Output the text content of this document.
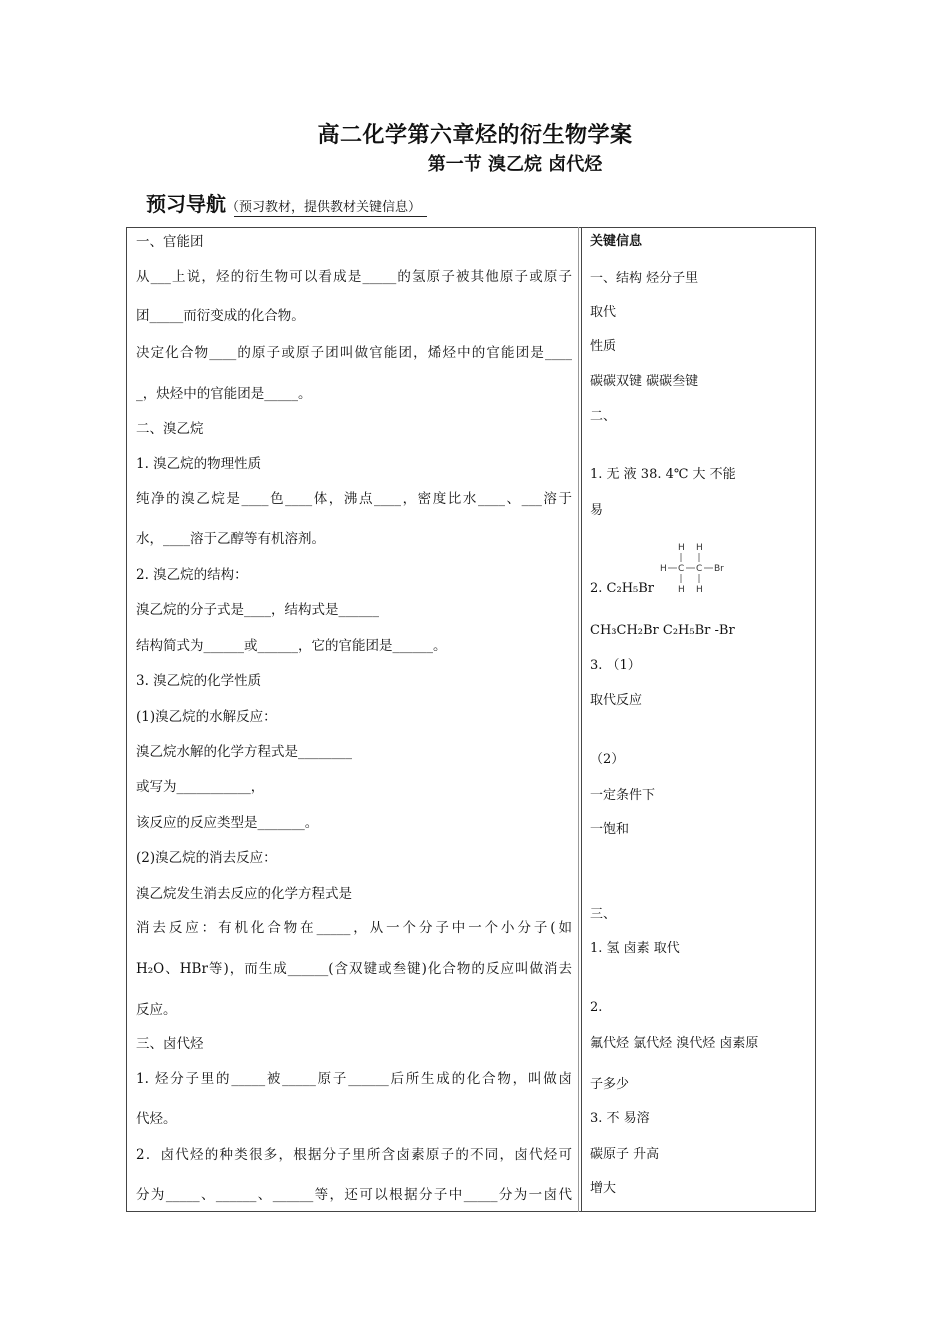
高二化学第六章烃的衍生物学案
第一节 溴乙烷 卤代烃
预习导航（预习教材，提供教材关键信息）
一、官能团
从___上说，烃的衍生物可以看成是_____的氢原子被其他原子或原子
团_____而衍变成的化合物。
决定化合物____的原子或原子团叫做官能团，烯烃中的官能团是____
_，炔烃中的官能团是_____。
二、溴乙烷
1. 溴乙烷的物理性质
纯净的溴乙烷是____色____体，沸点____，密度比水____、___溶于
水，____溶于乙醇等有机溶剂。
2. 溴乙烷的结构：
溴乙烷的分子式是____，结构式是______
结构简式为______或______，它的官能团是______。
3. 溴乙烷的化学性质
(1)溴乙烷的水解反应：
溴乙烷水解的化学方程式是________
或写为___________，
该反应的反应类型是_______。
(2)溴乙烷的消去反应：
溴乙烷发生消去反应的化学方程式是
消去反应：有机化合物在_____，从一个分子中一个小分子(如
H₂O、HBr等)，而生成______(含双键或叁键)化合物的反应叫做消去
反应。
三、卤代烃
1. 烃分子里的_____被_____原子______后所生成的化合物，叫做卤
代烃。
2．卤代烃的种类很多，根据分子里所含卤素原子的不同，卤代烃可
分为_____、______、______等，还可以根据分子中_____分为一卤代
关键信息
一、结构 烃分子里
取代
性质
碳碳双键 碳碳叁键
二、
1. 无 液 38. 4℃ 大 不能
易
H H
H C C Br
H H
2. C₂H₅Br
CH₃CH₂Br C₂H₅Br -Br
3. （1）
取代反应
（2）
一定条件下
一饱和
三、
1. 氢 卤素 取代
2.
氟代烃 氯代烃 溴代烃 卤素原
子多少
3. 不 易溶
碳原子 升高
增大
